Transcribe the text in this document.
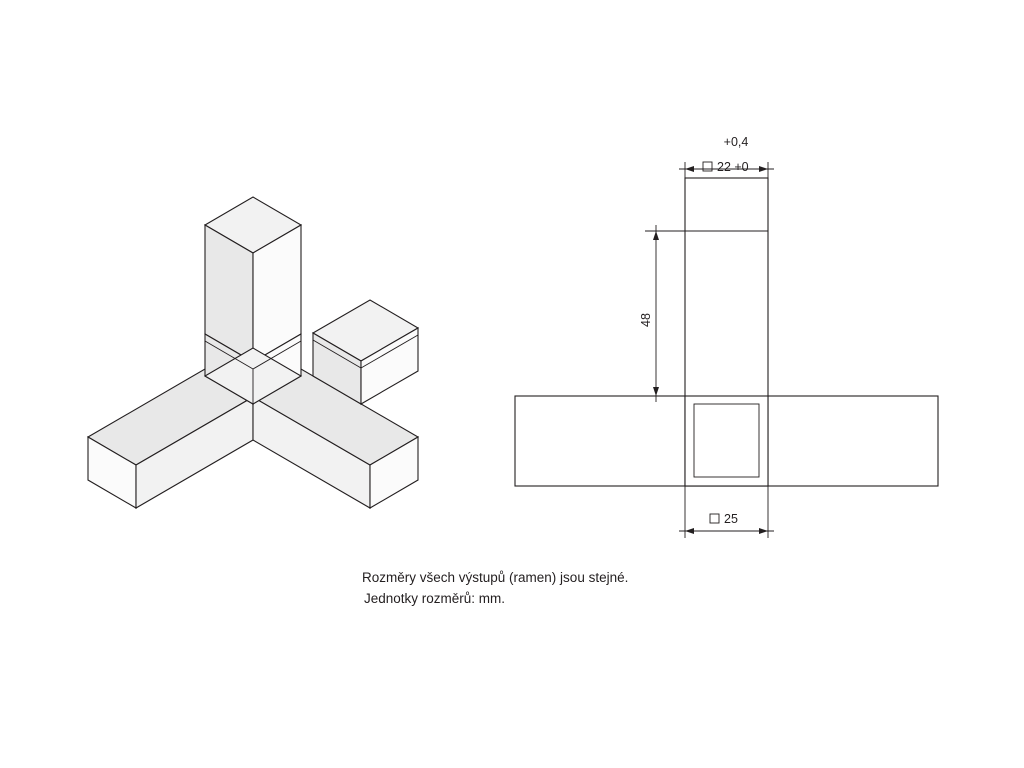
+0,4
22 +0
48
25
Rozměry všech výstupů (ramen) jsou stejné.
Jednotky rozměrů: mm.
